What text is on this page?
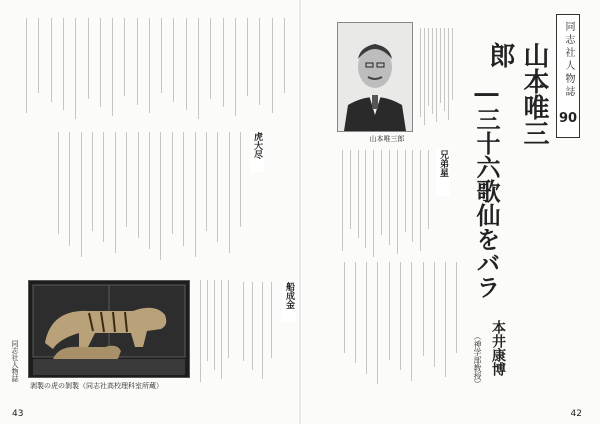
同志社人物誌
90
山本唯三郎
―三十六歌仙をバラ
本井康博
（神学部教授）
山本唯三郎
兄弟星
42
虎大尽
剥製の虎の剝製（同志社高校理科室所蔵）
船成金
同志社人物誌
43
